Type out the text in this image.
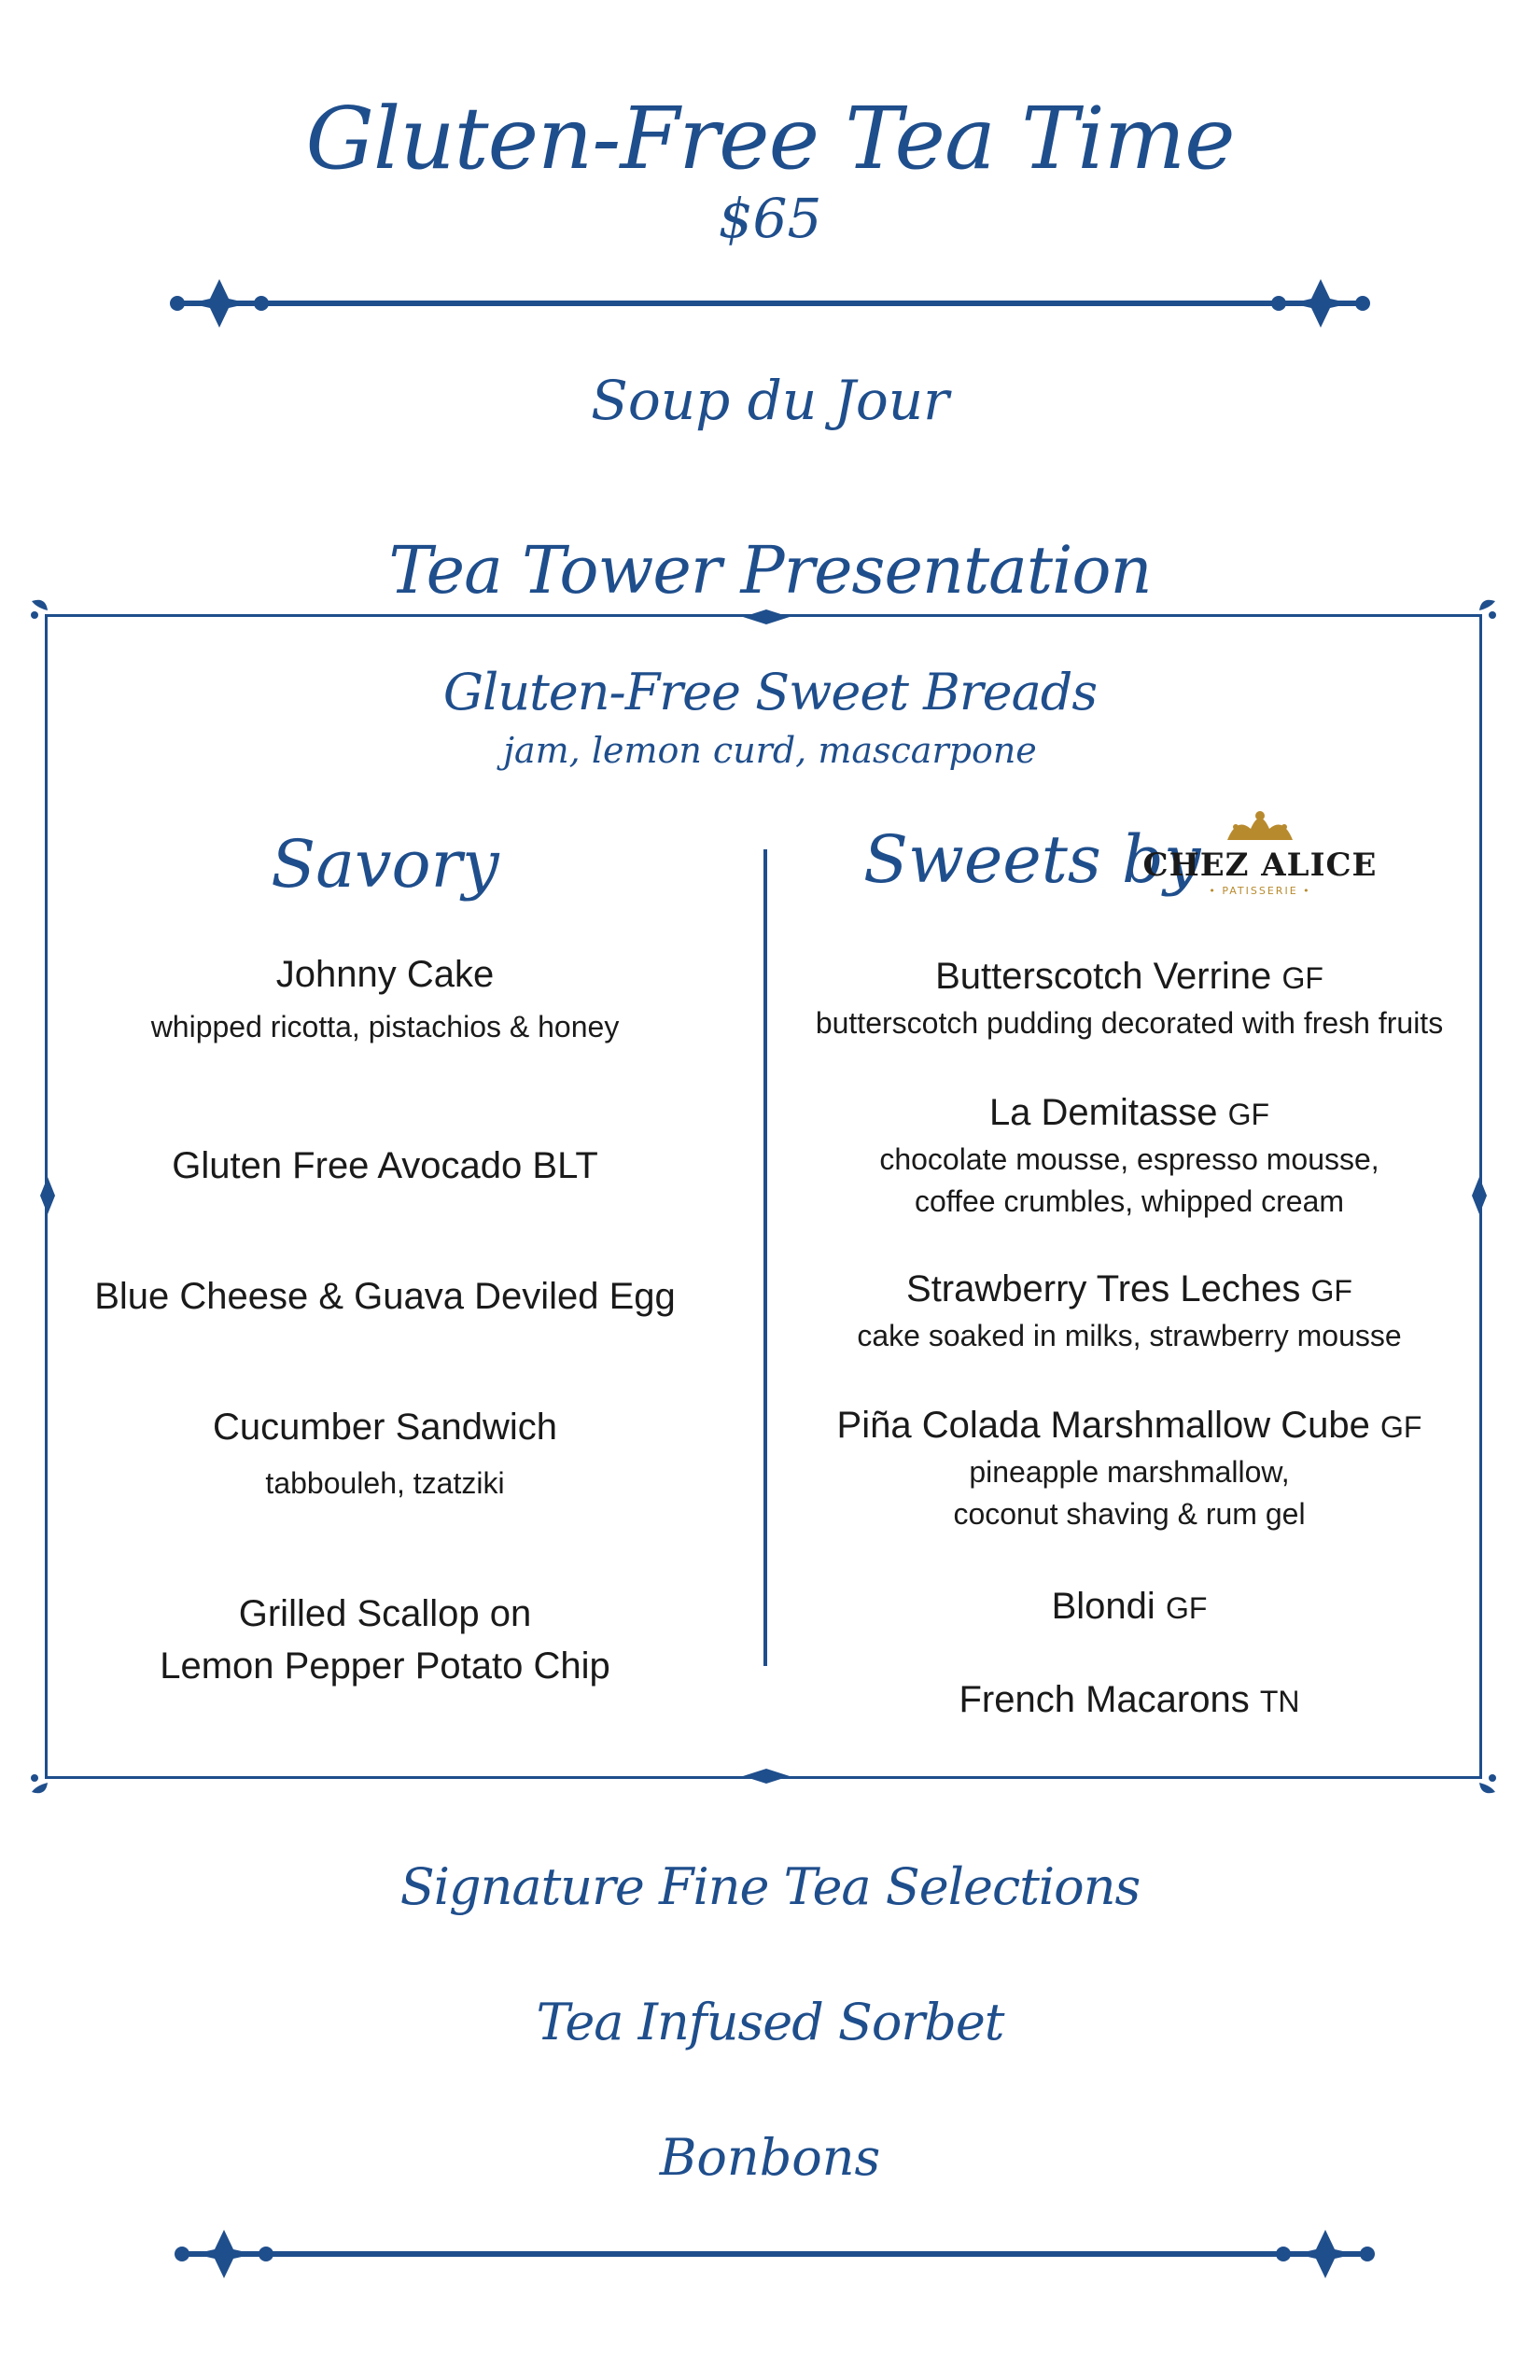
Gluten-Free Tea Time
$65
Soup du Jour
Tea Tower Presentation
Gluten-Free Sweet Breads
jam, lemon curd, mascarpone
Savory
Johnny Cake
whipped ricotta, pistachios & honey
Gluten Free Avocado BLT
Blue Cheese & Guava Deviled Egg
Cucumber Sandwich
tabbouleh, tzatziki
Grilled Scallop on
Lemon Pepper Potato Chip
Sweets by
CHEZ ALICE
• PATISSERIE •
Butterscotch Verrine GF
butterscotch pudding decorated with fresh fruits
La Demitasse GF
chocolate mousse, espresso mousse,
coffee crumbles, whipped cream
Strawberry Tres Leches GF
cake soaked in milks, strawberry mousse
Piña Colada Marshmallow Cube GF
pineapple marshmallow,
coconut shaving & rum gel
Blondi GF
French Macarons TN
Signature Fine Tea Selections
Tea Infused Sorbet
Bonbons
